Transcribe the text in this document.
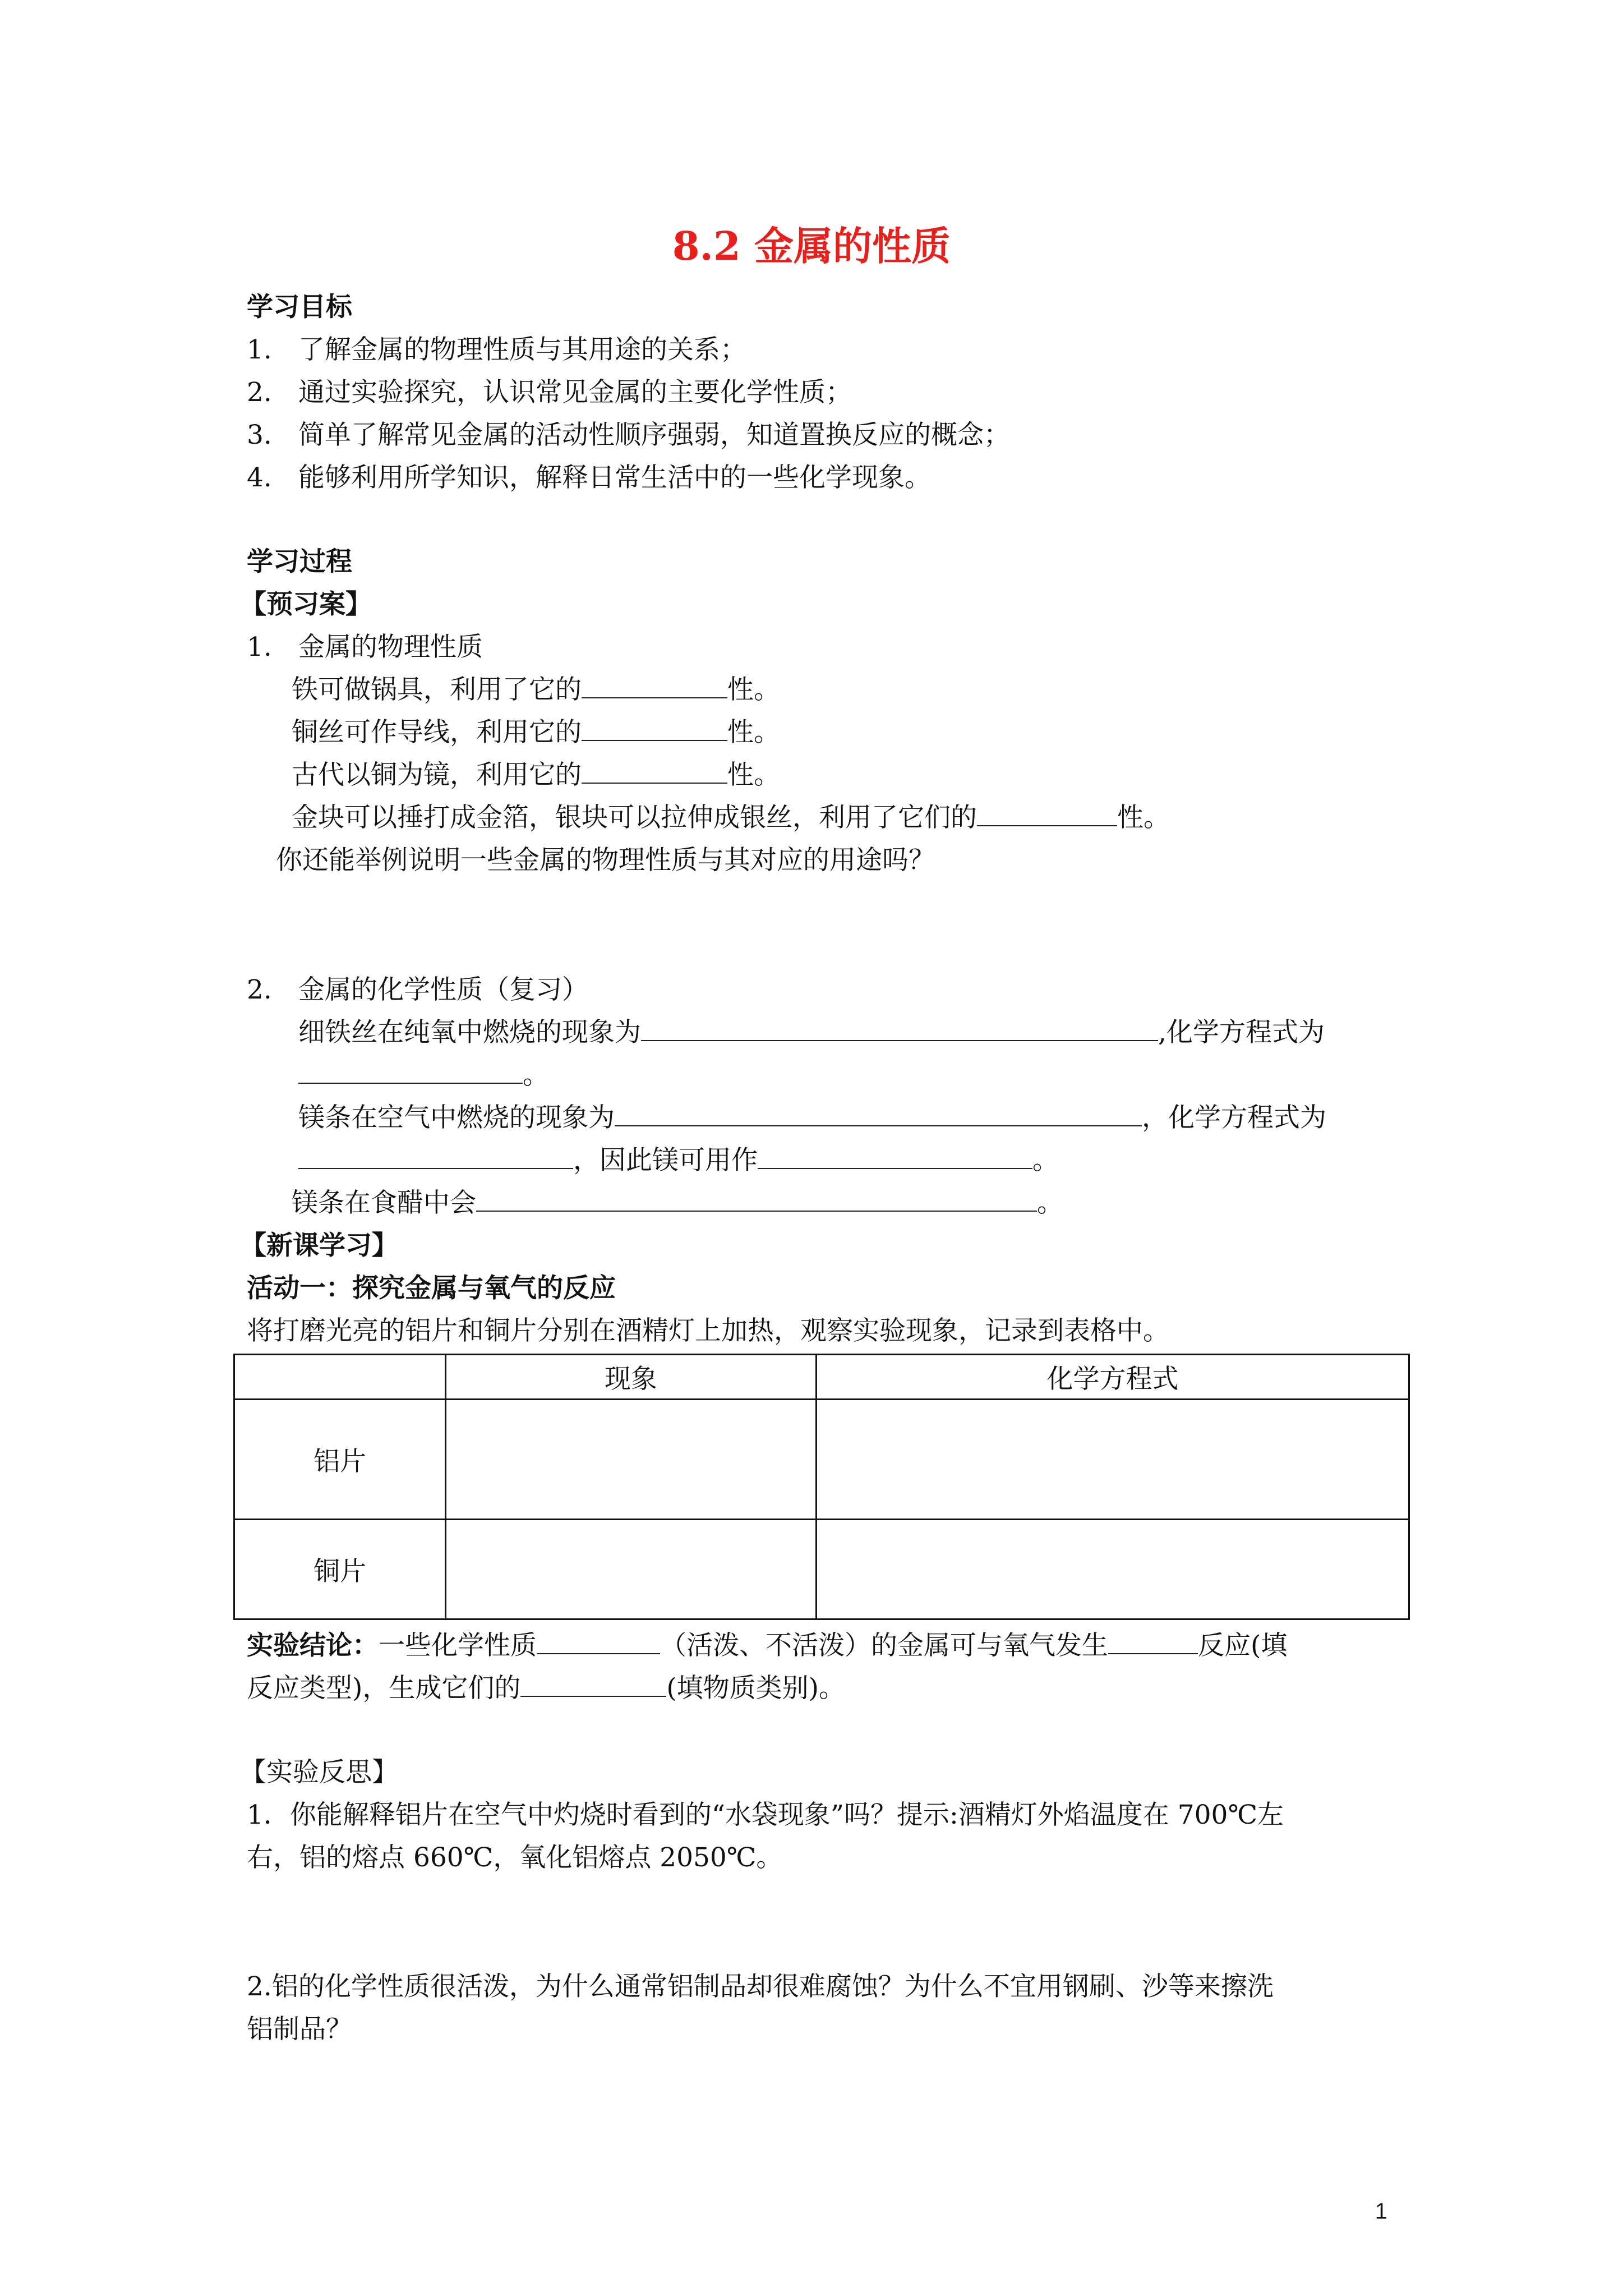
8.2 金属的性质
学习目标
1. 了解金属的物理性质与其用途的关系；
2. 通过实验探究，认识常见金属的主要化学性质；
3. 简单了解常见金属的活动性顺序强弱，知道置换反应的概念；
4. 能够利用所学知识，解释日常生活中的一些化学现象。
学习过程
【预习案】
1. 金属的物理性质
铁可做锅具，利用了它的	性。
铜丝可作导线，利用它的	性。
古代以铜为镜，利用它的	性。
金块可以捶打成金箔，银块可以拉伸成银丝，利用了它们的	性。
你还能举例说明一些金属的物理性质与其对应的用途吗？
2. 金属的化学性质（复习）
细铁丝在纯氧中燃烧的现象为	,化学方程式为
。
镁条在空气中燃烧的现象为	，化学方程式为
，因此镁可用作	。
镁条在食醋中会	。
【新课学习】
活动一：探究金属与氧气的反应
将打磨光亮的铝片和铜片分别在酒精灯上加热，观察实验现象，记录到表格中。
	现象	化学方程式
铝片		
铜片		
实验结论：一些化学性质	（活泼、不活泼）的金属可与氧气发生	反应(填
反应类型)，生成它们的	(填物质类别)。
【实验反思】
1．你能解释铝片在空气中灼烧时看到的“水袋现象”吗？提示:酒精灯外焰温度在 700℃左
右，铝的熔点 660℃，氧化铝熔点 2050℃。
2.铝的化学性质很活泼，为什么通常铝制品却很难腐蚀？为什么不宜用钢刷、沙等来擦洗
铝制品？
1
